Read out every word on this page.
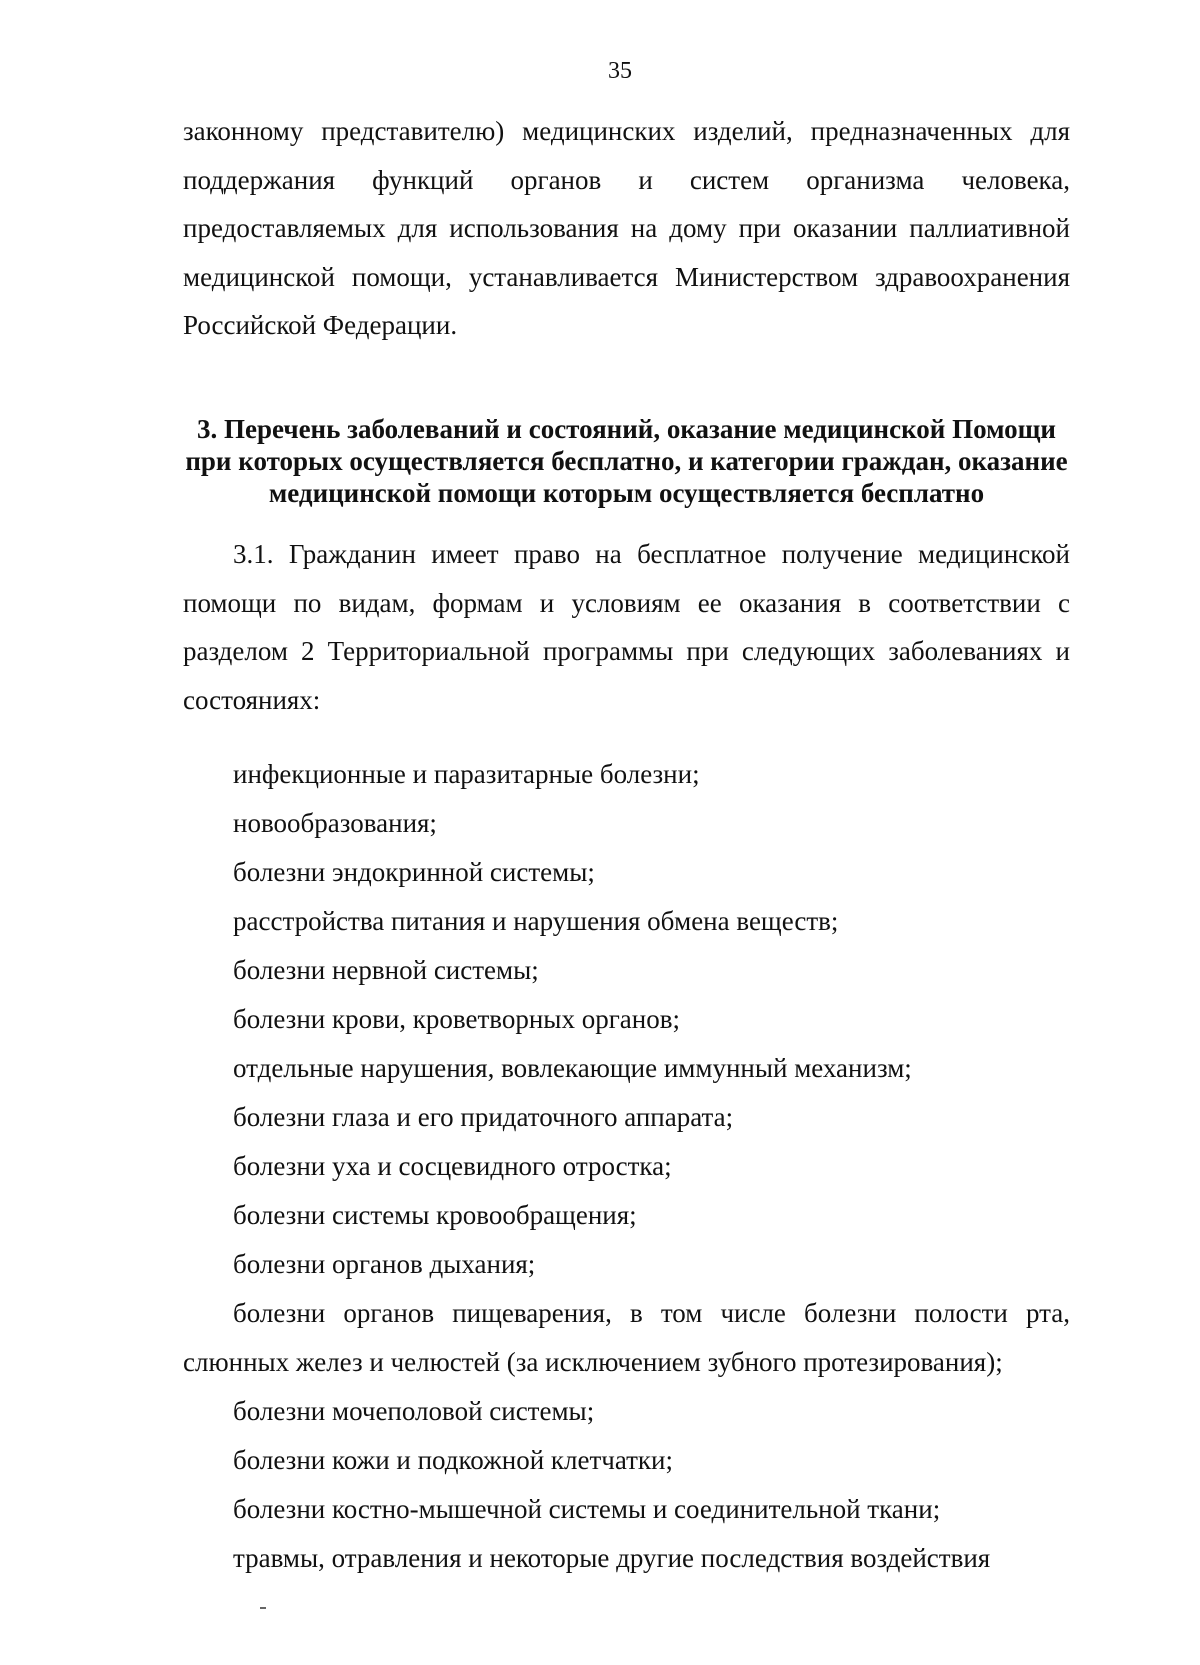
35

законному представителю) медицинских изделий, предназначенных для поддержания функций органов и систем организма человека, предоставляемых для использования на дому при оказании паллиативной медицинской помощи, устанавливается Министерством здравоохранения Российской Федерации.

3. Перечень заболеваний и состояний, оказание медицинской Помощи при которых осуществляется бесплатно, и категории граждан, оказание медицинской помощи которым осуществляется бесплатно

3.1. Гражданин имеет право на бесплатное получение медицинской помощи по видам, формам и условиям ее оказания в соответствии с разделом 2 Территориальной программы при следующих заболеваниях и состояниях:

инфекционные и паразитарные болезни;

новообразования;

болезни эндокринной системы;

расстройства питания и нарушения обмена веществ;

болезни нервной системы;

болезни крови, кроветворных органов;

отдельные нарушения, вовлекающие иммунный механизм;

болезни глаза и его придаточного аппарата;

болезни уха и сосцевидного отростка;

болезни системы кровообращения;

болезни органов дыхания;

болезни органов пищеварения, в том числе болезни полости рта, слюнных желез и челюстей (за исключением зубного протезирования);

болезни мочеполовой системы;

болезни кожи и подкожной клетчатки;

болезни костно-мышечной системы и соединительной ткани;

травмы, отравления и некоторые другие последствия воздействия
